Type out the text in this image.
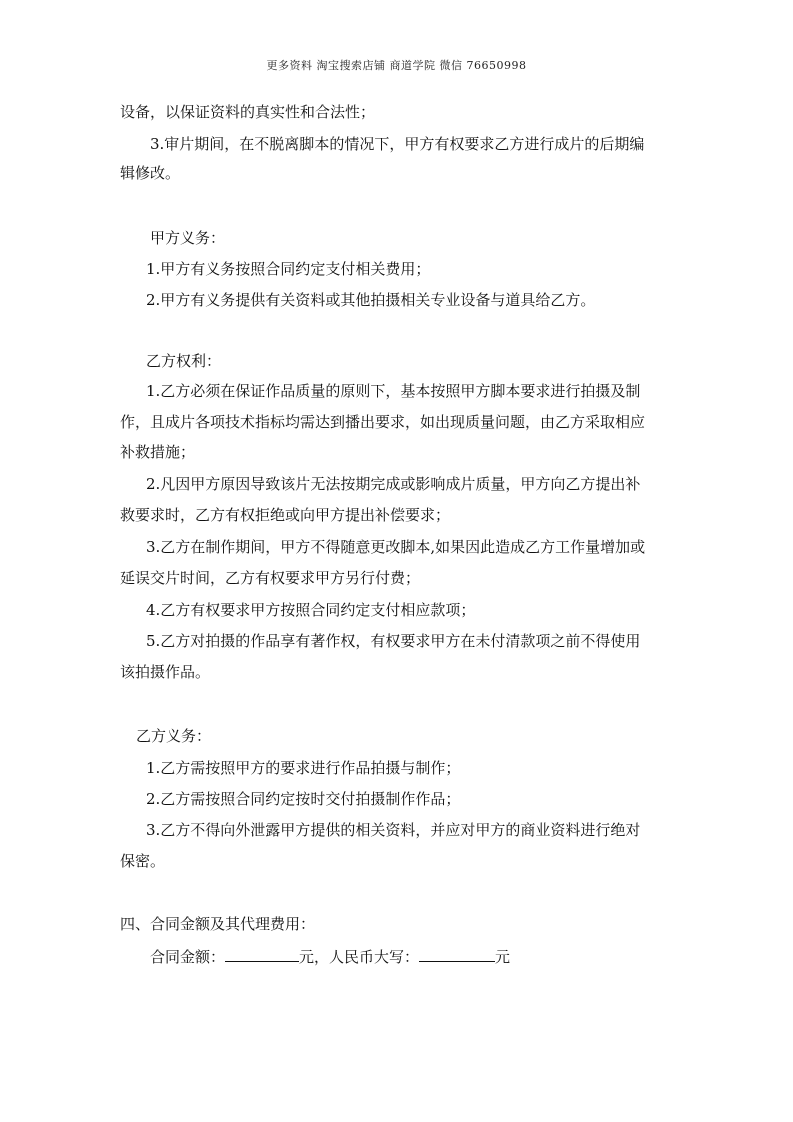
更多资料 淘宝搜索店铺 商道学院 微信 76650998
设备，以保证资料的真实性和合法性；
3.审片期间，在不脱离脚本的情况下，甲方有权要求乙方进行成片的后期编
辑修改。
甲方义务：
1.甲方有义务按照合同约定支付相关费用；
2.甲方有义务提供有关资料或其他拍摄相关专业设备与道具给乙方。
乙方权利：
1.乙方必须在保证作品质量的原则下，基本按照甲方脚本要求进行拍摄及制
作，且成片各项技术指标均需达到播出要求，如出现质量问题，由乙方采取相应
补救措施；
2.凡因甲方原因导致该片无法按期完成或影响成片质量，甲方向乙方提出补
救要求时，乙方有权拒绝或向甲方提出补偿要求；
3.乙方在制作期间，甲方不得随意更改脚本,如果因此造成乙方工作量增加或
延误交片时间，乙方有权要求甲方另行付费；
4.乙方有权要求甲方按照合同约定支付相应款项；
5.乙方对拍摄的作品享有著作权，有权要求甲方在未付清款项之前不得使用
该拍摄作品。
乙方义务：
1.乙方需按照甲方的要求进行作品拍摄与制作；
2.乙方需按照合同约定按时交付拍摄制作作品；
3.乙方不得向外泄露甲方提供的相关资料，并应对甲方的商业资料进行绝对
保密。
四、合同金额及其代理费用：
合同金额：	元，人民币大写：	元
